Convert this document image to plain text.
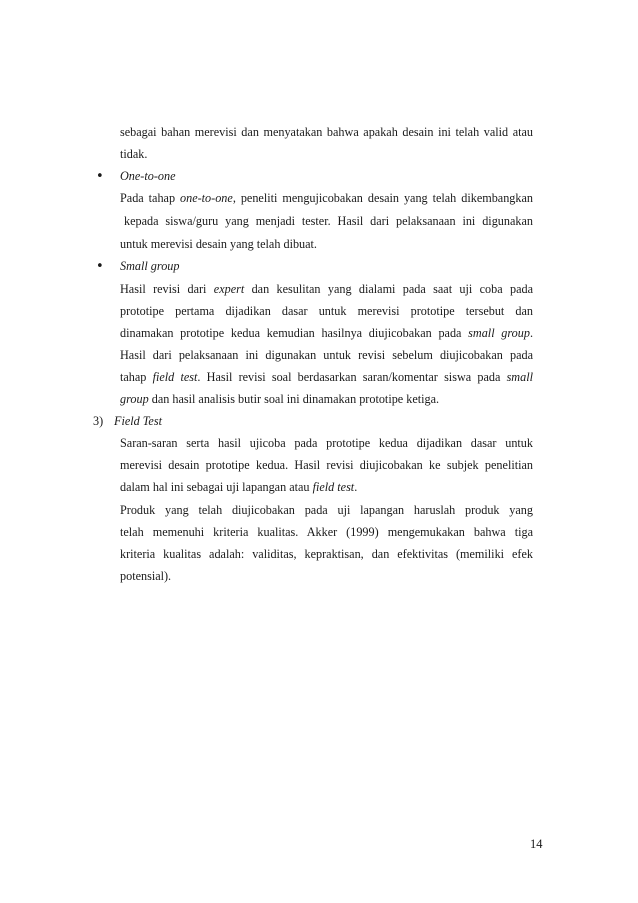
sebagai bahan merevisi dan menyatakan bahwa apakah desain ini telah valid atau
tidak.
• One-to-one
Pada tahap one-to-one, peneliti mengujicobakan desain yang telah dikembangkan
kepada siswa/guru yang menjadi tester. Hasil dari pelaksanaan ini digunakan
untuk merevisi desain yang telah dibuat.
• Small group
Hasil revisi dari expert dan kesulitan yang dialami pada saat uji coba pada
prototipe pertama dijadikan dasar untuk merevisi prototipe tersebut dan
dinamakan prototipe kedua kemudian hasilnya diujicobakan pada small group.
Hasil dari pelaksanaan ini digunakan untuk revisi sebelum diujicobakan pada
tahap field test. Hasil revisi soal berdasarkan saran/komentar siswa pada small
group dan hasil analisis butir soal ini dinamakan prototipe ketiga.
3) Field Test
Saran-saran serta hasil ujicoba pada prototipe kedua dijadikan dasar untuk
merevisi desain prototipe kedua. Hasil revisi diujicobakan ke subjek penelitian
dalam hal ini sebagai uji lapangan atau field test.
Produk yang telah diujicobakan pada uji lapangan haruslah produk yang
telah memenuhi kriteria kualitas. Akker (1999) mengemukakan bahwa tiga
kriteria kualitas adalah: validitas, kepraktisan, dan efektivitas (memiliki efek
potensial).
14
